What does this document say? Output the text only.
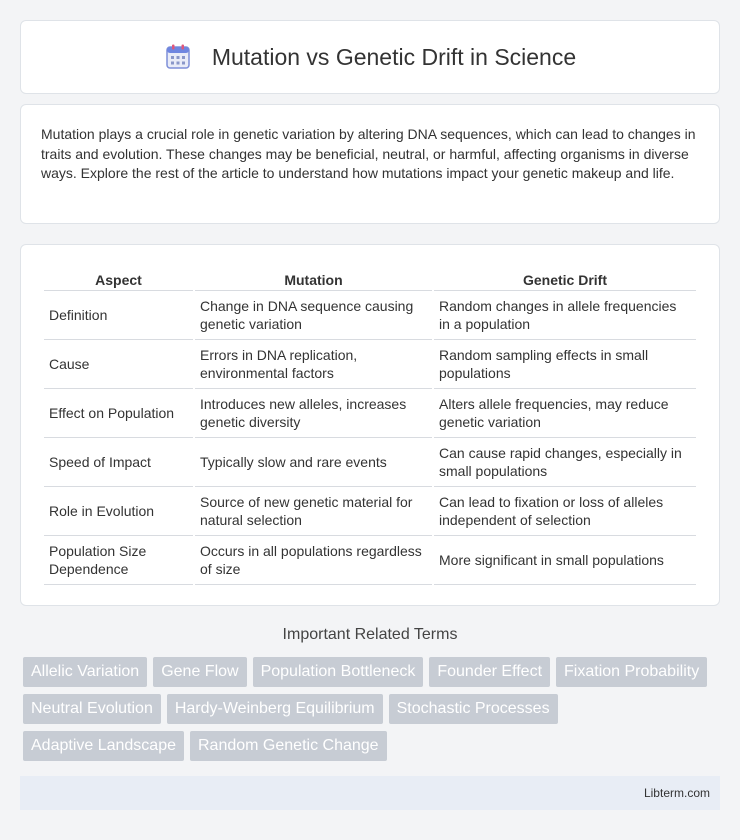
Mutation vs Genetic Drift in Science

Mutation plays a crucial role in genetic variation by altering DNA sequences, which can lead to changes in traits and evolution. These changes may be beneficial, neutral, or harmful, affecting organisms in diverse ways. Explore the rest of the article to understand how mutations impact your genetic makeup and life.

Aspect	Mutation	Genetic Drift
Definition	Change in DNA sequence causing genetic variation	Random changes in allele frequencies in a population
Cause	Errors in DNA replication, environmental factors	Random sampling effects in small populations
Effect on Population	Introduces new alleles, increases genetic diversity	Alters allele frequencies, may reduce genetic variation
Speed of Impact	Typically slow and rare events	Can cause rapid changes, especially in small populations
Role in Evolution	Source of new genetic material for natural selection	Can lead to fixation or loss of alleles independent of selection
Population Size Dependence	Occurs in all populations regardless of size	More significant in small populations
Important Related Terms
Allelic Variation	Gene Flow	Population Bottleneck	Founder Effect	Fixation Probability
Neutral Evolution	Hardy-Weinberg Equilibrium	Stochastic Processes
Adaptive Landscape	Random Genetic Change
Libterm.com
